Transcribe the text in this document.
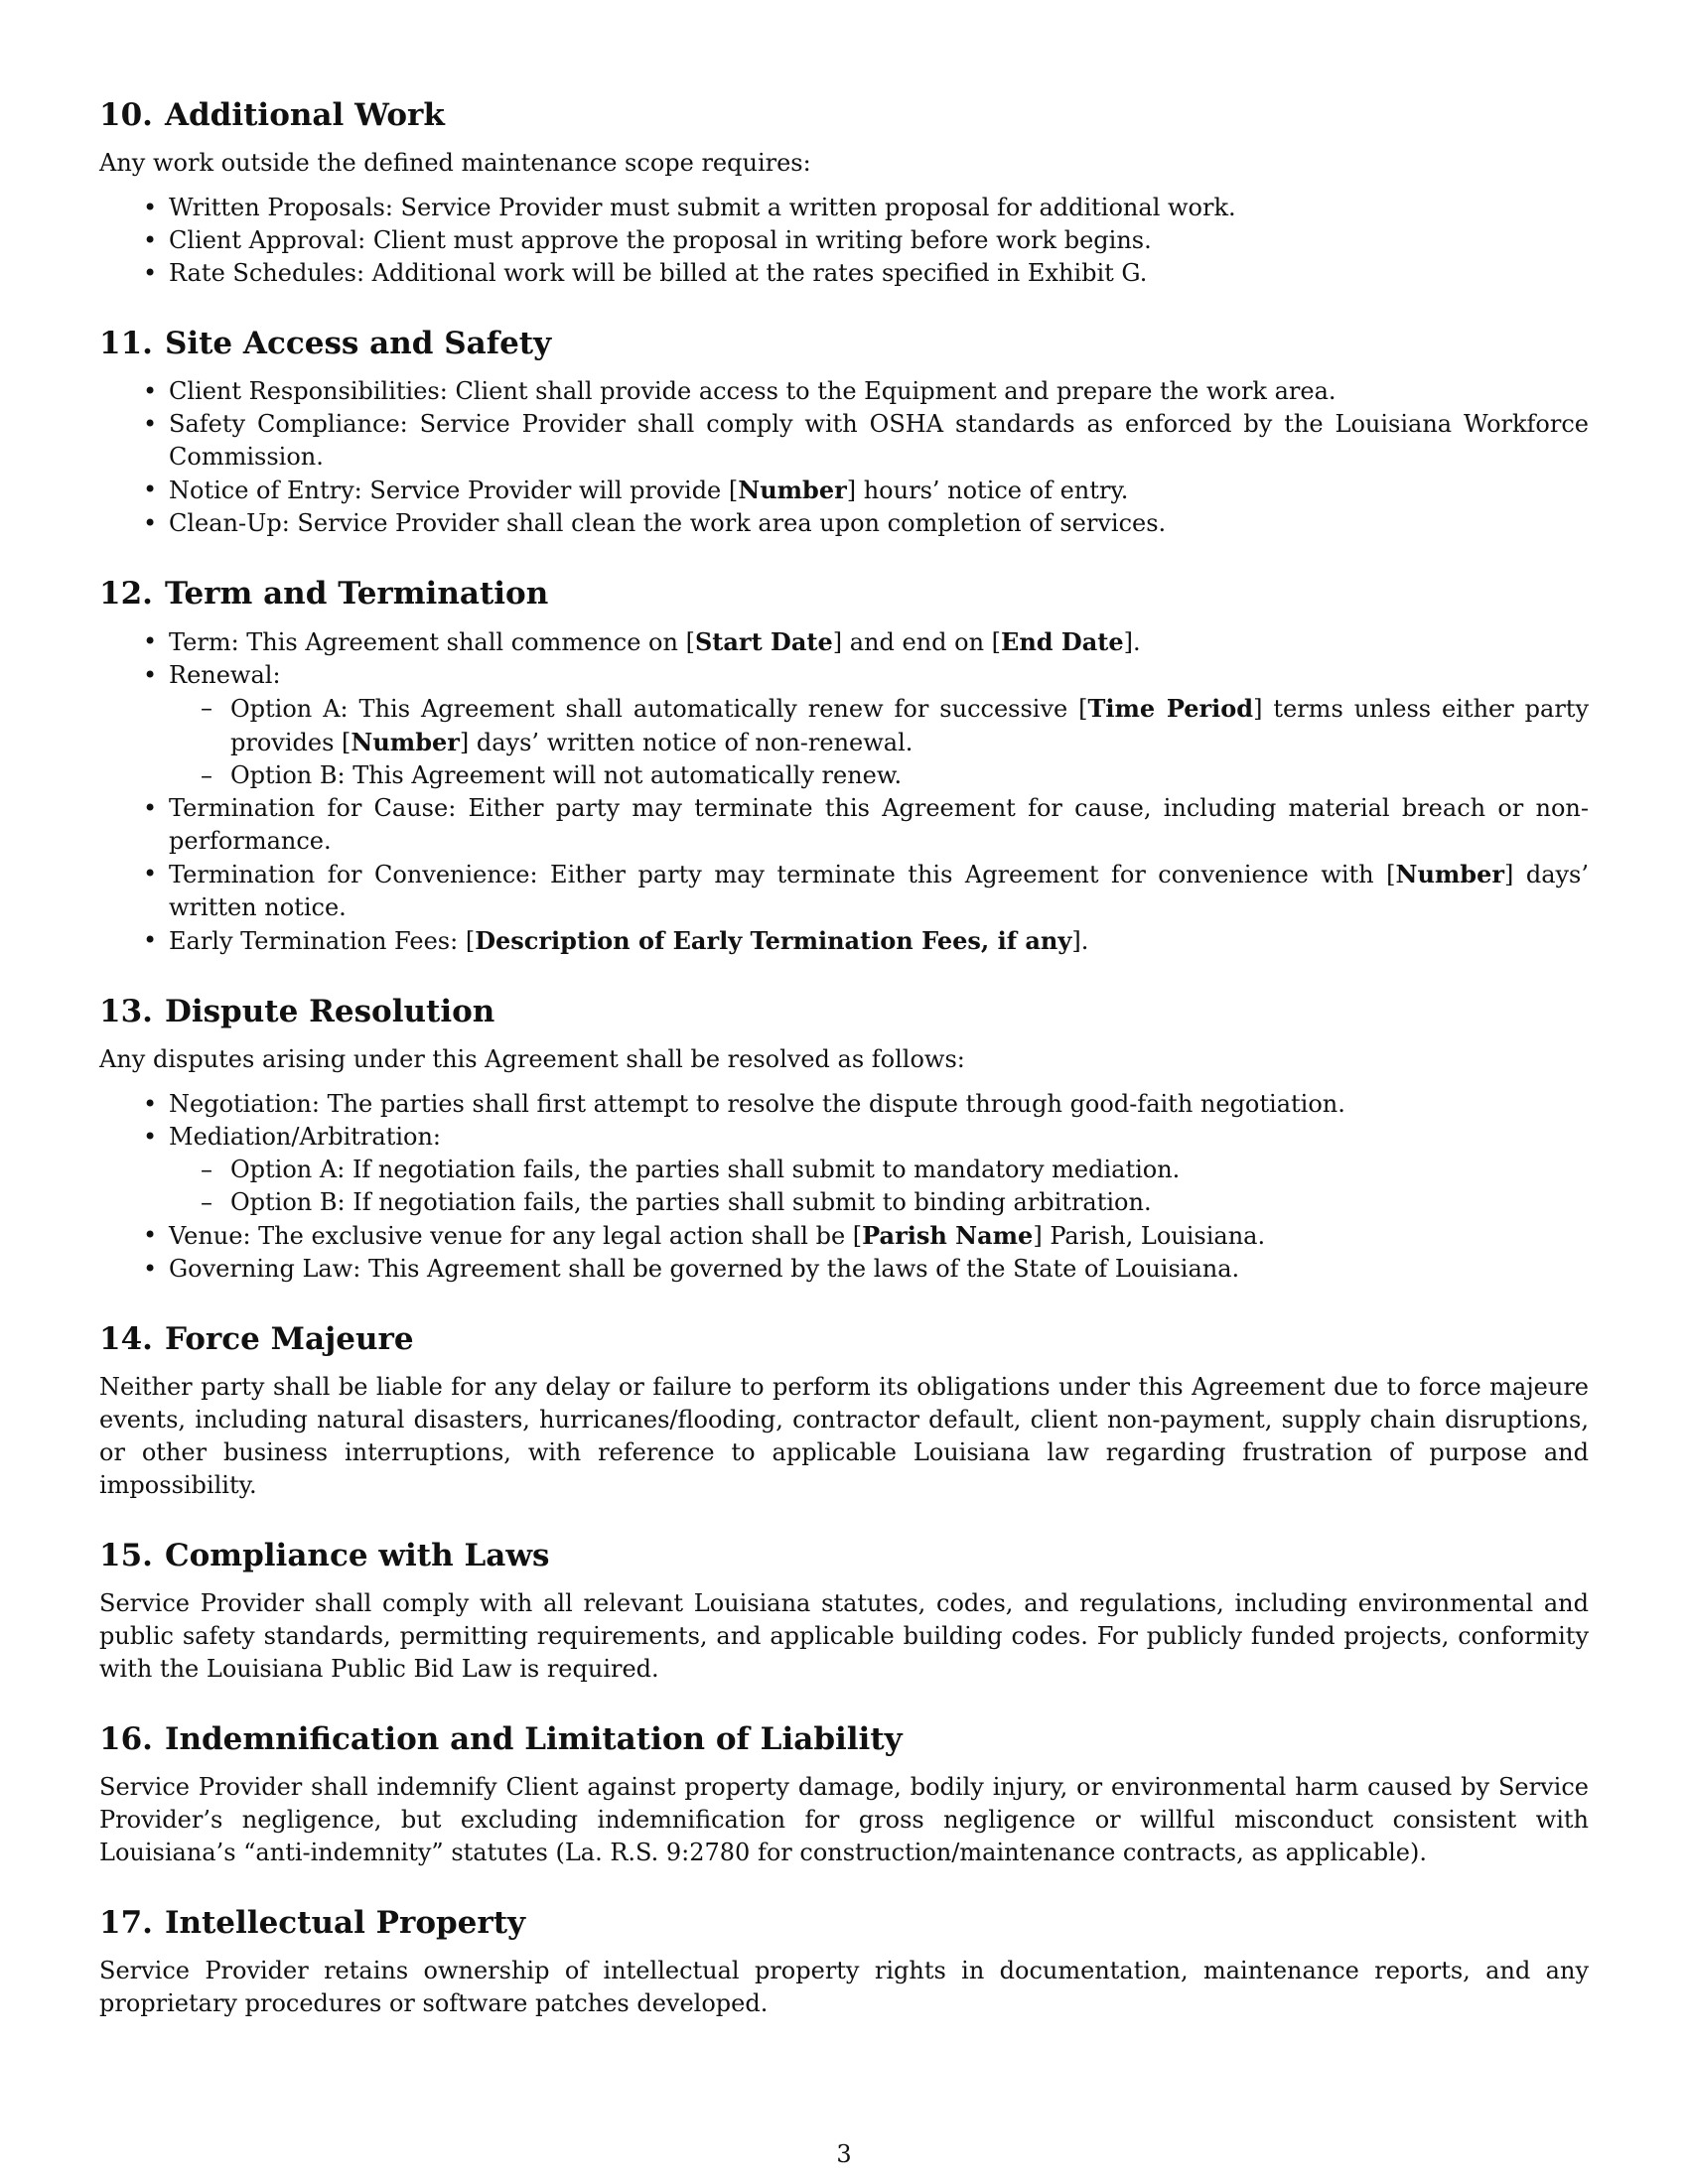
10. Additional Work

Any work outside the defined maintenance scope requires:

• Written Proposals: Service Provider must submit a written proposal for additional work.
• Client Approval: Client must approve the proposal in writing before work begins.
• Rate Schedules: Additional work will be billed at the rates specified in Exhibit G.
11. Site Access and Safety
• Client Responsibilities: Client shall provide access to the Equipment and prepare the work area.
• Safety Compliance: Service Provider shall comply with OSHA standards as enforced by the Louisiana Workforce Commission.
• Notice of Entry: Service Provider will provide [Number] hours’ notice of entry.
• Clean-Up: Service Provider shall clean the work area upon completion of services.
12. Term and Termination
• Term: This Agreement shall commence on [Start Date] and end on [End Date].
• Renewal:
– Option A: This Agreement shall automatically renew for successive [Time Period] terms unless either party provides [Number] days’ written notice of non-renewal.
– Option B: This Agreement will not automatically renew.
• Termination for Cause: Either party may terminate this Agreement for cause, including material breach or non-performance.
• Termination for Convenience: Either party may terminate this Agreement for convenience with [Number] days’ written notice.
• Early Termination Fees: [Description of Early Termination Fees, if any].
13. Dispute Resolution

Any disputes arising under this Agreement shall be resolved as follows:

• Negotiation: The parties shall first attempt to resolve the dispute through good-faith negotiation.
• Mediation/Arbitration:
– Option A: If negotiation fails, the parties shall submit to mandatory mediation.
– Option B: If negotiation fails, the parties shall submit to binding arbitration.
• Venue: The exclusive venue for any legal action shall be [Parish Name] Parish, Louisiana.
• Governing Law: This Agreement shall be governed by the laws of the State of Louisiana.
14. Force Majeure

Neither party shall be liable for any delay or failure to perform its obligations under this Agreement due to force majeure events, including natural disasters, hurricanes/flooding, contractor default, client non-payment, supply chain disruptions, or other business interruptions, with reference to applicable Louisiana law regarding frustration of purpose and impossibility.

15. Compliance with Laws

Service Provider shall comply with all relevant Louisiana statutes, codes, and regulations, including environmental and public safety standards, permitting requirements, and applicable building codes. For publicly funded projects, conformity with the Louisiana Public Bid Law is required.

16. Indemnification and Limitation of Liability

Service Provider shall indemnify Client against property damage, bodily injury, or environmental harm caused by Service Provider’s negligence, but excluding indemnification for gross negligence or willful misconduct consistent with Louisiana’s “anti-indemnity” statutes (La. R.S. 9:2780 for construction/maintenance contracts, as applicable).

17. Intellectual Property

Service Provider retains ownership of intellectual property rights in documentation, maintenance reports, and any proprietary procedures or software patches developed.

3
